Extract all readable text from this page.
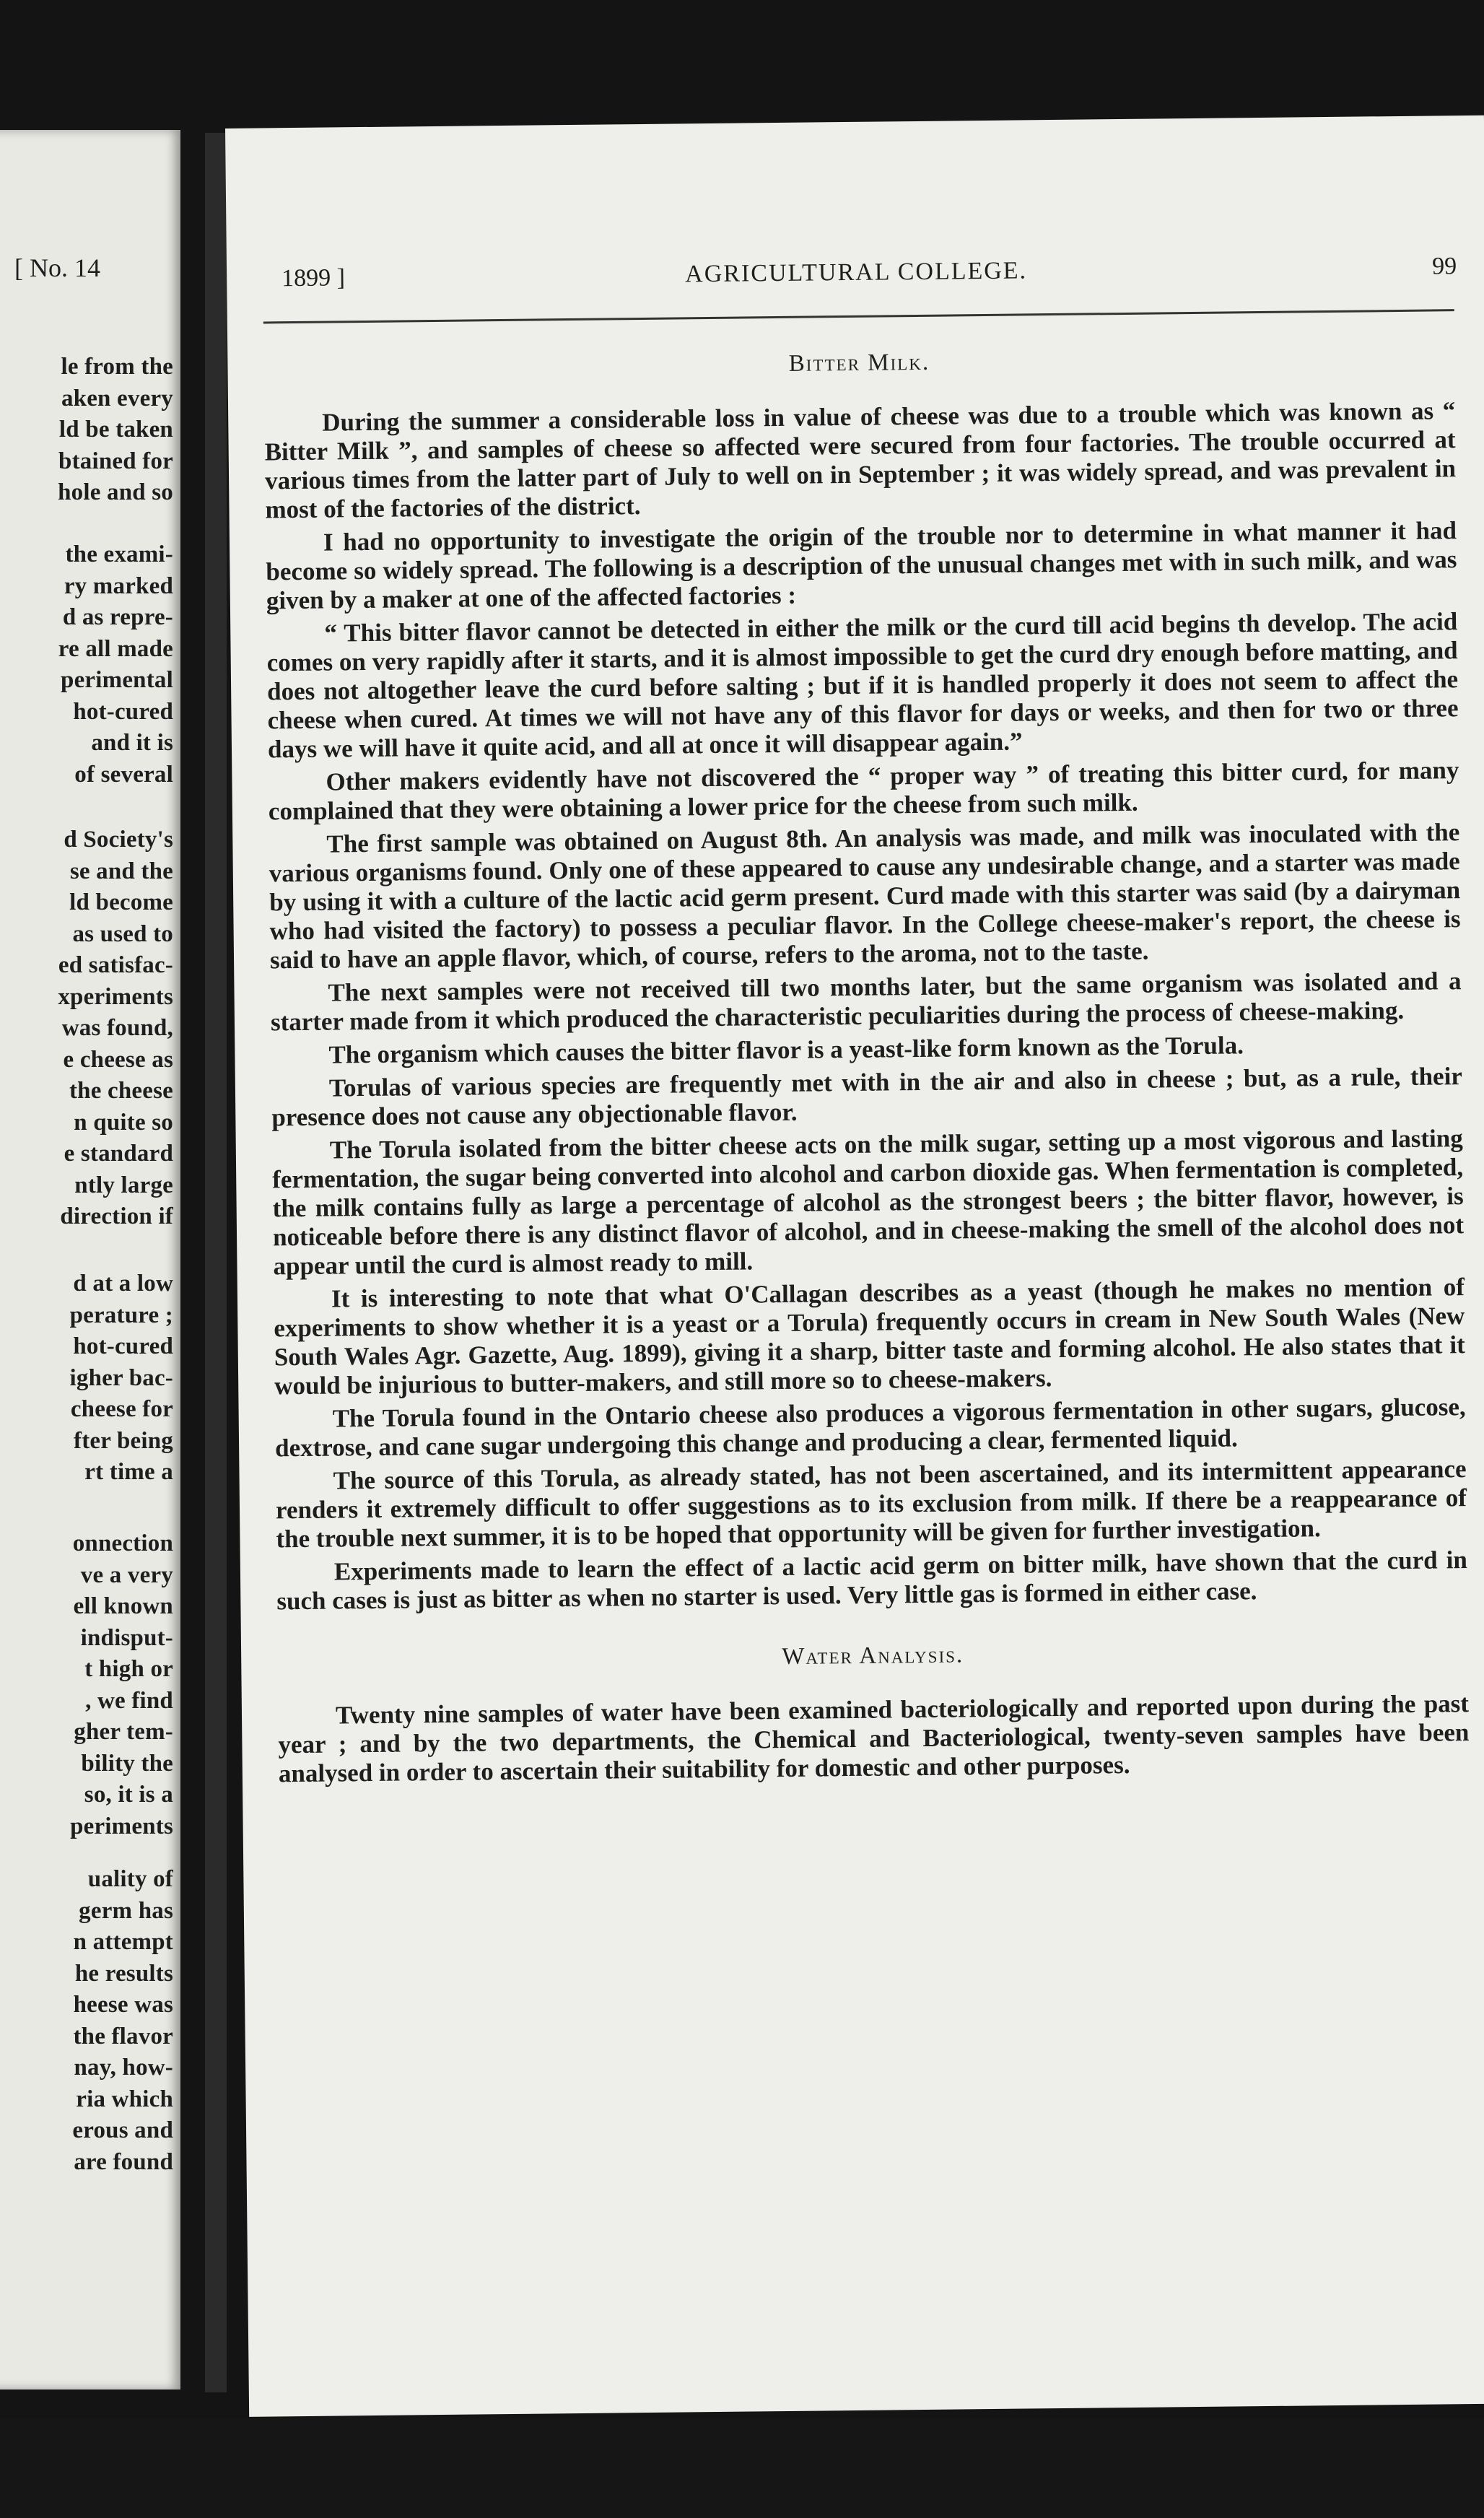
[ No. 14
le from the
aken every
ld be taken
btained for
hole and so
the exami-
ry marked
d as repre-
re all made
perimental
hot-cured
and it is
of several
d Society's
se and the
ld become
as used to
ed satisfac-
xperiments
was found,
e cheese as
the cheese
n quite so
e standard
ntly large
direction if
d at a low
perature ;
hot-cured
igher bac-
cheese for
fter being
rt time a
onnection
ve a very
ell known
indisput-
t high or
, we find
gher tem-
bility the
so, it is a
periments
uality of
germ has
n attempt
he results
heese was
the flavor
nay, how-
ria which
erous and
are found
1899 ]	AGRICULTURAL COLLEGE.	99
Bitter Milk.

During the summer a considerable loss in value of cheese was due to a trouble which was known as “ Bitter Milk ”, and samples of cheese so affected were secured from four factories. The trouble occurred at various times from the latter part of July to well on in September ; it was widely spread, and was prevalent in most of the factories of the district.

I had no opportunity to investigate the origin of the trouble nor to determine in what manner it had become so widely spread. The following is a description of the unusual changes met with in such milk, and was given by a maker at one of the affected factories :

“ This bitter flavor cannot be detected in either the milk or the curd till acid begins th develop. The acid comes on very rapidly after it starts, and it is almost impossible to get the curd dry enough before matting, and does not altogether leave the curd before salting ; but if it is handled properly it does not seem to affect the cheese when cured. At times we will not have any of this flavor for days or weeks, and then for two or three days we will have it quite acid, and all at once it will disappear again.”

Other makers evidently have not discovered the “ proper way ” of treating this bitter curd, for many complained that they were obtaining a lower price for the cheese from such milk.

The first sample was obtained on August 8th. An analysis was made, and milk was inoculated with the various organisms found. Only one of these appeared to cause any undesirable change, and a starter was made by using it with a culture of the lactic acid germ present. Curd made with this starter was said (by a dairyman who had visited the factory) to possess a peculiar flavor. In the College cheese-maker's report, the cheese is said to have an apple flavor, which, of course, refers to the aroma, not to the taste.

The next samples were not received till two months later, but the same organism was isolated and a starter made from it which produced the characteristic peculiarities during the process of cheese-making.

The organism which causes the bitter flavor is a yeast-like form known as the Torula.

Torulas of various species are frequently met with in the air and also in cheese ; but, as a rule, their presence does not cause any objectionable flavor.

The Torula isolated from the bitter cheese acts on the milk sugar, setting up a most vigorous and lasting fermentation, the sugar being converted into alcohol and carbon dioxide gas. When fermentation is completed, the milk contains fully as large a percentage of alcohol as the strongest beers ; the bitter flavor, however, is noticeable before there is any distinct flavor of alcohol, and in cheese-making the smell of the alcohol does not appear until the curd is almost ready to mill.

It is interesting to note that what O'Callagan describes as a yeast (though he makes no mention of experiments to show whether it is a yeast or a Torula) frequently occurs in cream in New South Wales (New South Wales Agr. Gazette, Aug. 1899), giving it a sharp, bitter taste and forming alcohol. He also states that it would be injurious to butter-makers, and still more so to cheese-makers.

The Torula found in the Ontario cheese also produces a vigorous fermentation in other sugars, glucose, dextrose, and cane sugar undergoing this change and producing a clear, fermented liquid.

The source of this Torula, as already stated, has not been ascertained, and its intermittent appearance renders it extremely difficult to offer suggestions as to its exclusion from milk. If there be a reappearance of the trouble next summer, it is to be hoped that opportunity will be given for further investigation.

Experiments made to learn the effect of a lactic acid germ on bitter milk, have shown that the curd in such cases is just as bitter as when no starter is used. Very little gas is formed in either case.

Water Analysis.

Twenty nine samples of water have been examined bacteriologically and reported upon during the past year ; and by the two departments, the Chemical and Bacteriological, twenty-seven samples have been analysed in order to ascertain their suitability for domestic and other purposes.
